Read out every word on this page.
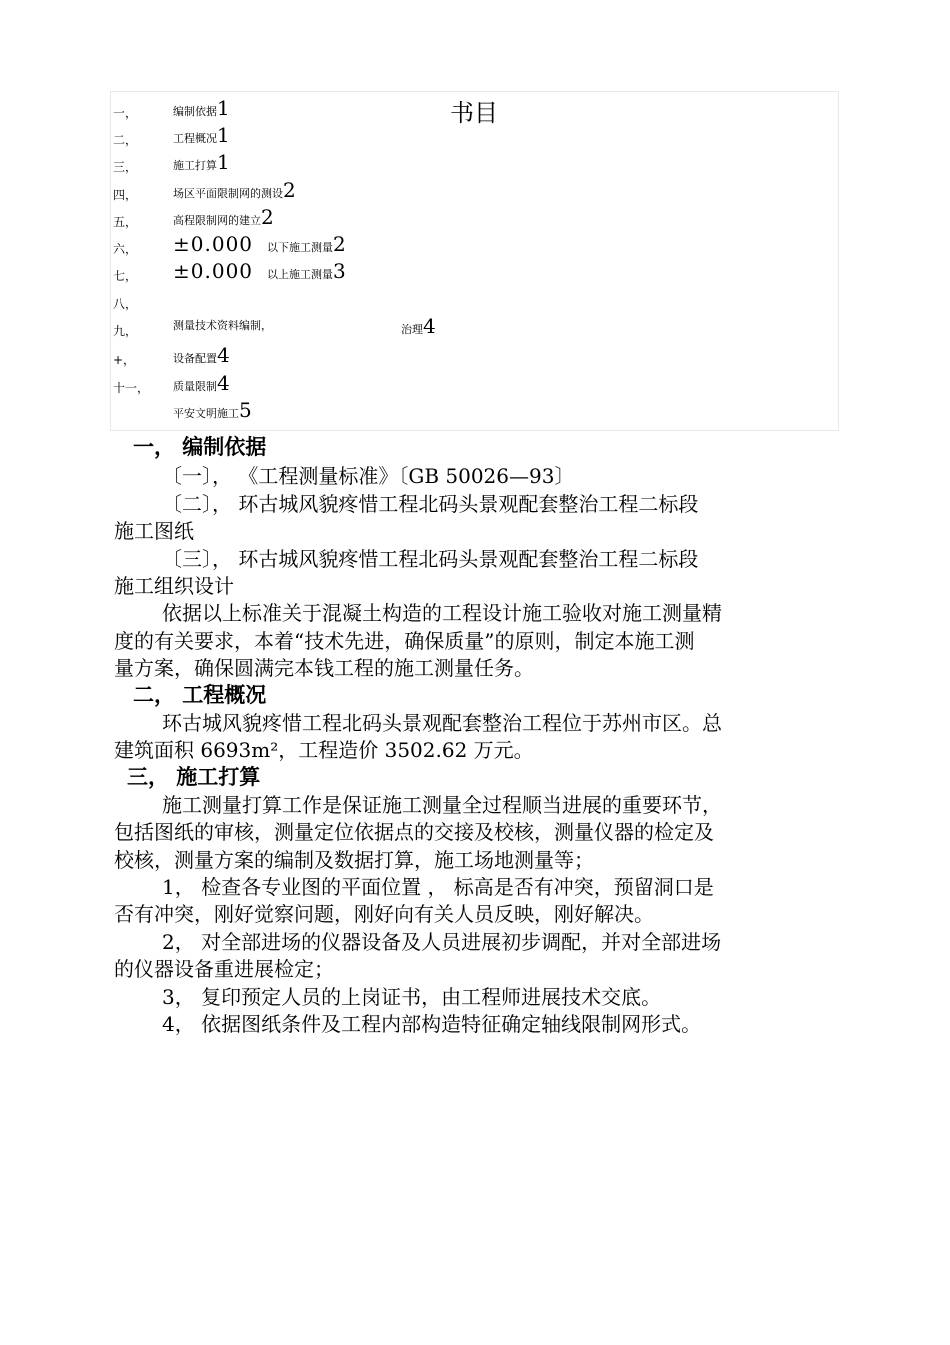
书目
一，	编制依据1
二，	工程概况1
三，	施工打算1
四，	场区平面限制网的测设2
五，	高程限制网的建立2
六， ±0.000 以下施工测量2
七， ±0.000 以上施工测量3
八，
九，	测量技术资料编制，	治理4
+，	设备配置4
十一， 质量限制4
平安文明施工5
一， 编制依据
〔一〕， 《工程测量标准》〔GB 50026—93〕
〔二〕， 环古城风貌疼惜工程北码头景观配套整治工程二标段
施工图纸
〔三〕， 环古城风貌疼惜工程北码头景观配套整治工程二标段
施工组织设计
依据以上标准关于混凝土构造的工程设计施工验收对施工测量精
度的有关要求，本着“技术先进，确保质量”的原则，制定本施工测
量方案，确保圆满完本钱工程的施工测量任务。
二， 工程概况
环古城风貌疼惜工程北码头景观配套整治工程位于苏州市区。总
建筑面积 6693m²，工程造价 3502.62 万元。
三， 施工打算
施工测量打算工作是保证施工测量全过程顺当进展的重要环节，
包括图纸的审核，测量定位依据点的交接及校核，测量仪器的检定及
校核，测量方案的编制及数据打算，施工场地测量等；
1， 检查各专业图的平面位置 ， 标高是否有冲突，预留洞口是
否有冲突，刚好觉察问题，刚好向有关人员反映，刚好解决。
2， 对全部进场的仪器设备及人员进展初步调配，并对全部进场
的仪器设备重进展检定；
3， 复印预定人员的上岗证书，由工程师进展技术交底。
4， 依据图纸条件及工程内部构造特征确定轴线限制网形式。
